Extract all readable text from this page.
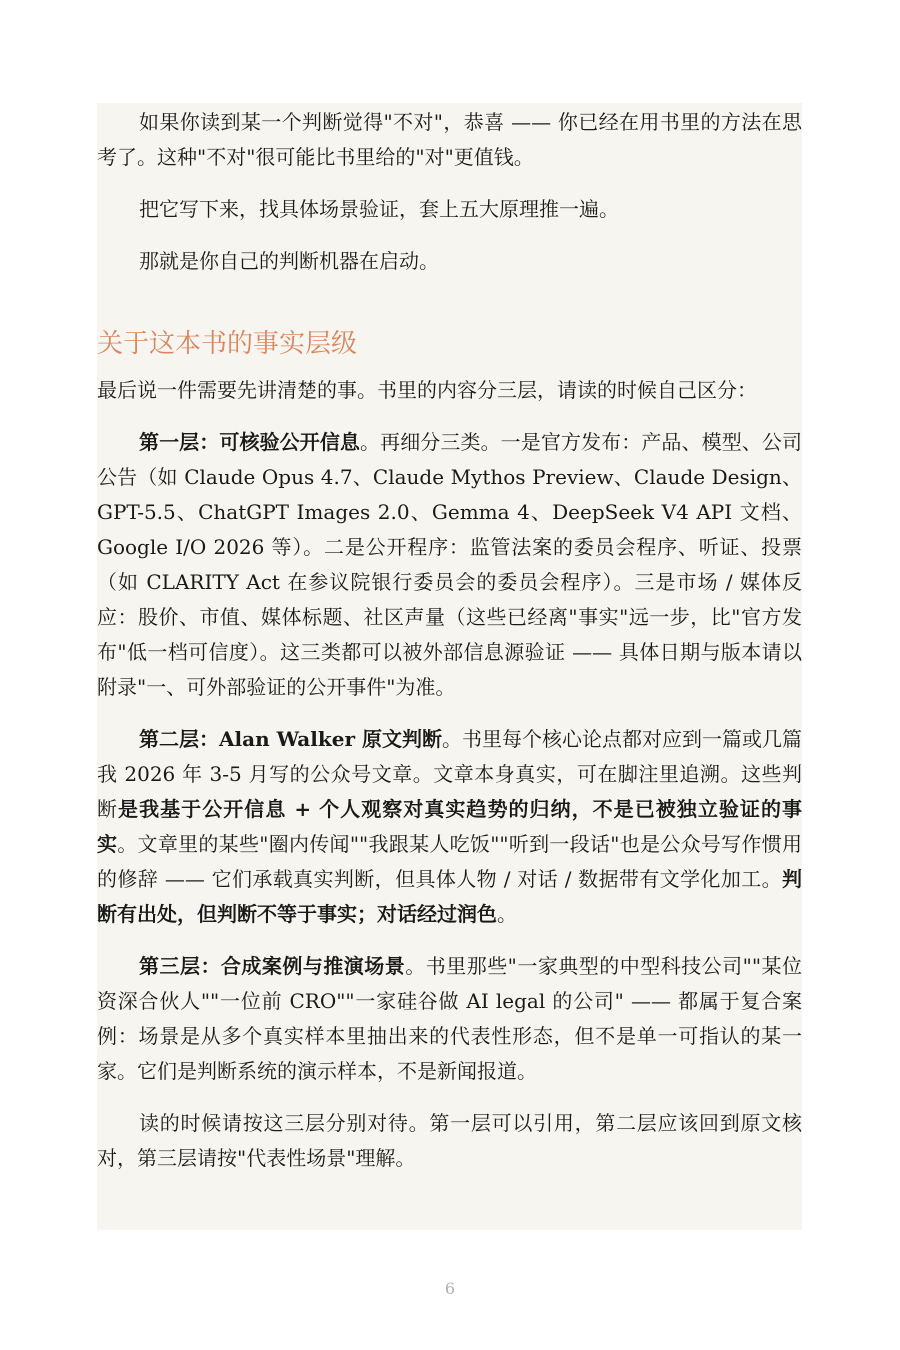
如果你读到某一个判断觉得"不对"，恭喜 —— 你已经在用书里的方法在思考了。这种"不对"很可能比书里给的"对"更值钱。

把它写下来，找具体场景验证，套上五大原理推一遍。

那就是你自己的判断机器在启动。

关于这本书的事实层级

最后说一件需要先讲清楚的事。书里的内容分三层，请读的时候自己区分：

第一层：可核验公开信息。再细分三类。一是官方发布：产品、模型、公司公告（如 Claude Opus 4.7、Claude Mythos Preview、Claude Design、GPT-5.5、ChatGPT Images 2.0、Gemma 4、DeepSeek V4 API 文档、Google I/O 2026 等）。二是公开程序：监管法案的委员会程序、听证、投票（如 CLARITY Act 在参议院银行委员会的委员会程序）。三是市场 / 媒体反应：股价、市值、媒体标题、社区声量（这些已经离"事实"远一步，比"官方发布"低一档可信度）。这三类都可以被外部信息源验证 —— 具体日期与版本请以附录"一、可外部验证的公开事件"为准。

第二层：Alan Walker 原文判断。书里每个核心论点都对应到一篇或几篇我 2026 年 3-5 月写的公众号文章。文章本身真实，可在脚注里追溯。这些判断是我基于公开信息 + 个人观察对真实趋势的归纳，不是已被独立验证的事实。文章里的某些"圈内传闻""我跟某人吃饭""听到一段话"也是公众号写作惯用的修辞 —— 它们承载真实判断，但具体人物 / 对话 / 数据带有文学化加工。判断有出处，但判断不等于事实；对话经过润色。

第三层：合成案例与推演场景。书里那些"一家典型的中型科技公司""某位资深合伙人""一位前 CRO""一家硅谷做 AI legal 的公司" —— 都属于复合案例：场景是从多个真实样本里抽出来的代表性形态，但不是单一可指认的某一家。它们是判断系统的演示样本，不是新闻报道。

读的时候请按这三层分别对待。第一层可以引用，第二层应该回到原文核对，第三层请按"代表性场景"理解。

6
